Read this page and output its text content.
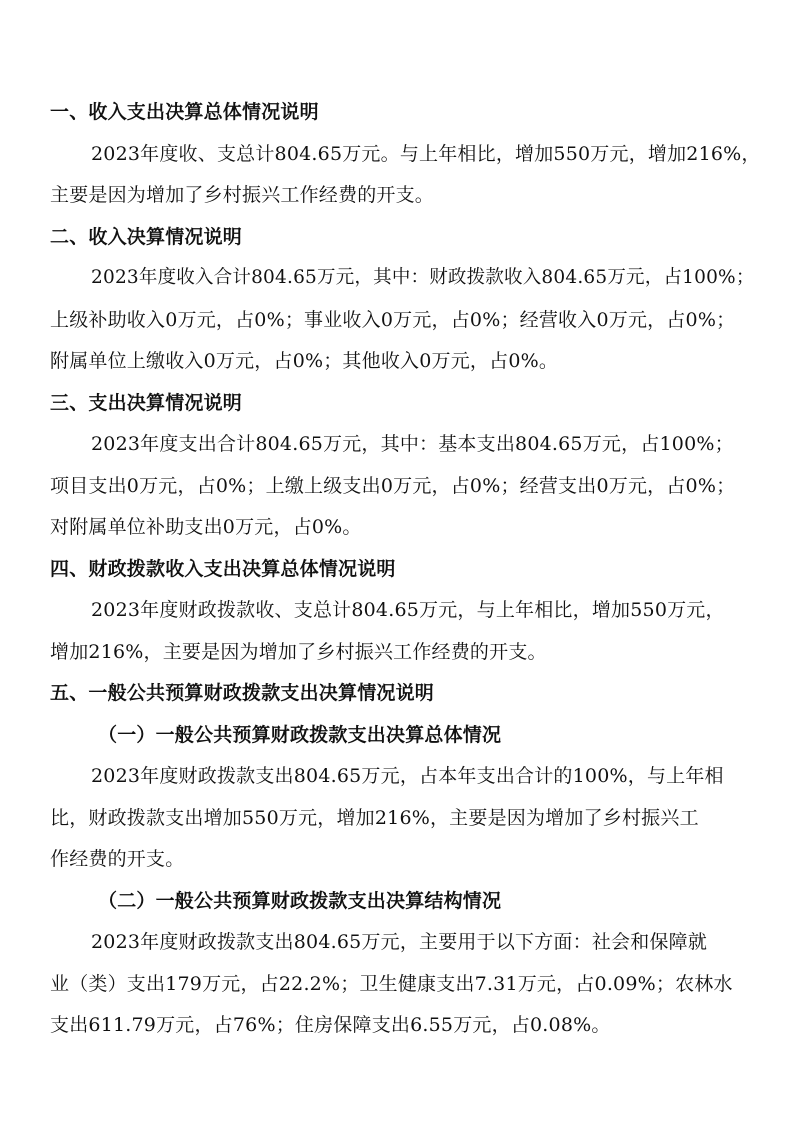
一、收入支出决算总体情况说明
2023年度收、支总计804.65万元。与上年相比，增加550万元，增加216%，
主要是因为增加了乡村振兴工作经费的开支。
二、收入决算情况说明
2023年度收入合计804.65万元，其中：财政拨款收入804.65万元，占100%；
上级补助收入0万元，占0%；事业收入0万元，占0%；经营收入0万元，占0%；
附属单位上缴收入0万元，占0%；其他收入0万元，占0%。
三、支出决算情况说明
2023年度支出合计804.65万元，其中：基本支出804.65万元，占100%；
项目支出0万元，占0%；上缴上级支出0万元，占0%；经营支出0万元，占0%；
对附属单位补助支出0万元，占0%。
四、财政拨款收入支出决算总体情况说明
2023年度财政拨款收、支总计804.65万元，与上年相比，增加550万元，
增加216%，主要是因为增加了乡村振兴工作经费的开支。
五、一般公共预算财政拨款支出决算情况说明
（一）一般公共预算财政拨款支出决算总体情况
2023年度财政拨款支出804.65万元，占本年支出合计的100%，与上年相
比，财政拨款支出增加550万元，增加216%，主要是因为增加了乡村振兴工
作经费的开支。
（二）一般公共预算财政拨款支出决算结构情况
2023年度财政拨款支出804.65万元，主要用于以下方面：社会和保障就
业（类）支出179万元，占22.2%；卫生健康支出7.31万元，占0.09%；农林水
支出611.79万元，占76%；住房保障支出6.55万元，占0.08%。
